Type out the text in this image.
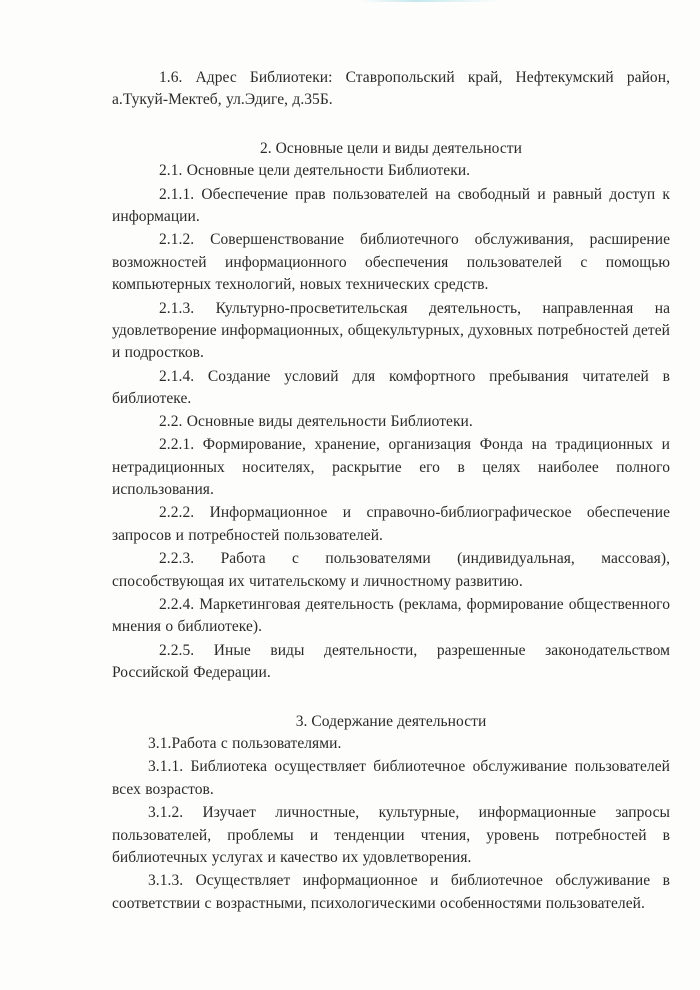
1.6. Адрес Библиотеки: Ставропольский край, Нефтекумский район, а.Тукуй-Мектеб, ул.Эдиге, д.35Б.

2. Основные цели и виды деятельности

2.1. Основные цели деятельности Библиотеки.

2.1.1. Обеспечение прав пользователей на свободный и равный доступ к информации.

2.1.2. Совершенствование библиотечного обслуживания, расширение возможностей информационного обеспечения пользователей с помощью компьютерных технологий, новых технических средств.

2.1.3. Культурно-просветительская деятельность, направленная на удовлетворение информационных, общекультурных, духовных потребностей детей и подростков.

2.1.4. Создание условий для комфортного пребывания читателей в библиотеке.

2.2. Основные виды деятельности Библиотеки.

2.2.1. Формирование, хранение, организация Фонда на традиционных и нетрадиционных носителях, раскрытие его в целях наиболее полного использования.

2.2.2. Информационное и справочно-библиографическое обеспечение запросов и потребностей пользователей.

2.2.3. Работа с пользователями (индивидуальная, массовая), способствующая их читательскому и личностному развитию.

2.2.4. Маркетинговая деятельность (реклама, формирование общественного мнения о библиотеке).

2.2.5. Иные виды деятельности, разрешенные законодательством Российской Федерации.

3. Содержание деятельности

3.1.Работа с пользователями.

3.1.1. Библиотека осуществляет библиотечное обслуживание пользователей всех возрастов.

3.1.2. Изучает личностные, культурные, информационные запросы пользователей, проблемы и тенденции чтения, уровень потребностей в библиотечных услугах и качество их удовлетворения.

3.1.3. Осуществляет информационное и библиотечное обслуживание в соответствии с возрастными, психологическими особенностями пользователей.
